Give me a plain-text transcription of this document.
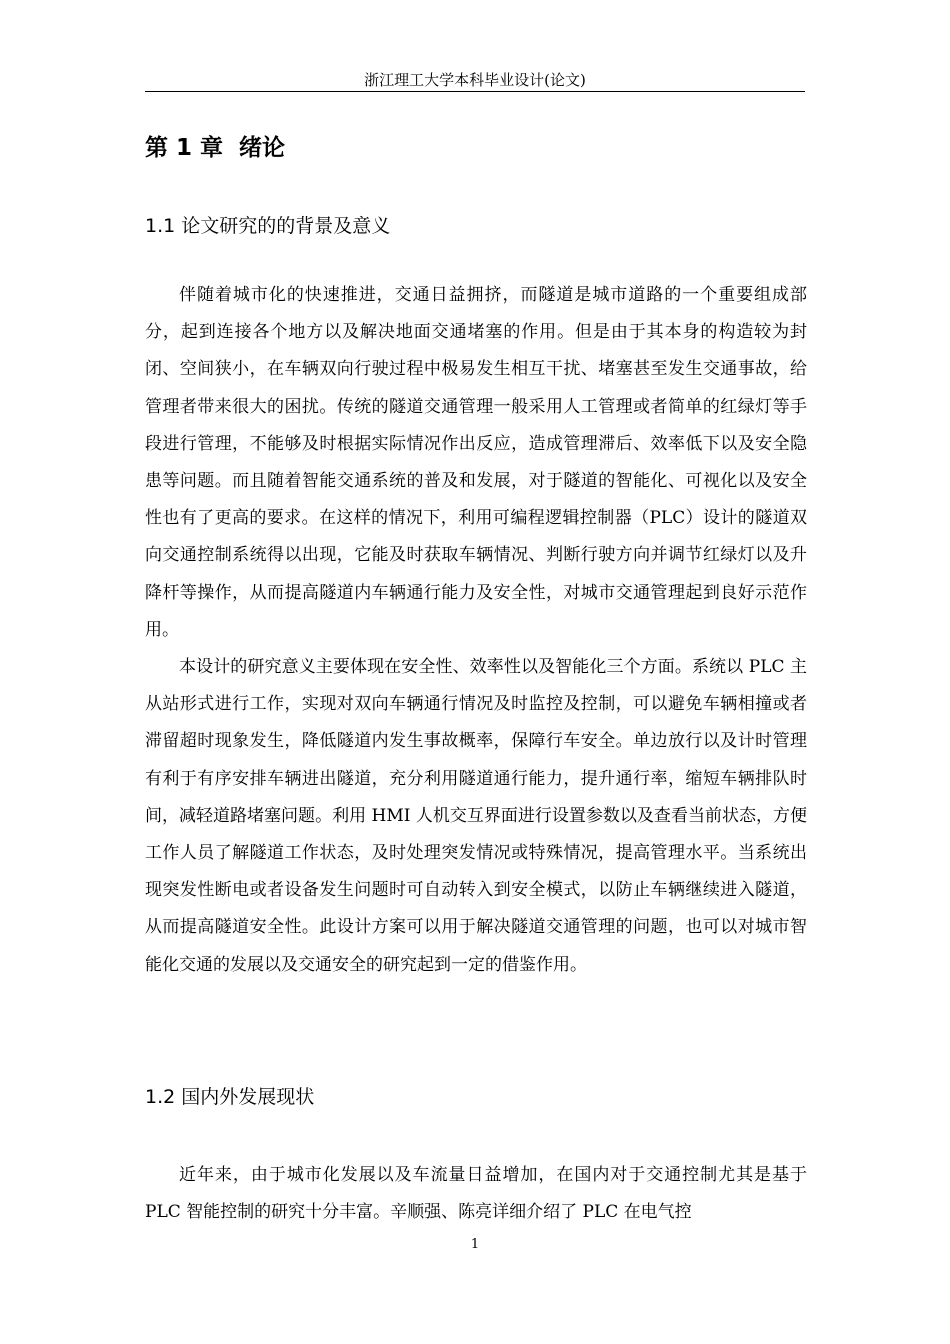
浙江理工大学本科毕业设计(论文)
第 1 章  绪论
1.1 论文研究的的背景及意义

伴随着城市化的快速推进，交通日益拥挤，而隧道是城市道路的一个重要组成部分，起到连接各个地方以及解决地面交通堵塞的作用。但是由于其本身的构造较为封闭、空间狭小，在车辆双向行驶过程中极易发生相互干扰、堵塞甚至发生交通事故，给管理者带来很大的困扰。传统的隧道交通管理一般采用人工管理或者简单的红绿灯等手段进行管理，不能够及时根据实际情况作出反应，造成管理滞后、效率低下以及安全隐患等问题。而且随着智能交通系统的普及和发展，对于隧道的智能化、可视化以及安全性也有了更高的要求。在这样的情况下，利用可编程逻辑控制器（PLC）设计的隧道双向交通控制系统得以出现，它能及时获取车辆情况、判断行驶方向并调节红绿灯以及升降杆等操作，从而提高隧道内车辆通行能力及安全性，对城市交通管理起到良好示范作用。

本设计的研究意义主要体现在安全性、效率性以及智能化三个方面。系统以 PLC 主从站形式进行工作，实现对双向车辆通行情况及时监控及控制，可以避免车辆相撞或者滞留超时现象发生，降低隧道内发生事故概率，保障行车安全。单边放行以及计时管理有利于有序安排车辆进出隧道，充分利用隧道通行能力，提升通行率，缩短车辆排队时间，减轻道路堵塞问题。利用 HMI 人机交互界面进行设置参数以及查看当前状态，方便工作人员了解隧道工作状态，及时处理突发情况或特殊情况，提高管理水平。当系统出现突发性断电或者设备发生问题时可自动转入到安全模式，以防止车辆继续进入隧道，从而提高隧道安全性。此设计方案可以用于解决隧道交通管理的问题，也可以对城市智能化交通的发展以及交通安全的研究起到一定的借鉴作用。

1.2 国内外发展现状

近年来，由于城市化发展以及车流量日益增加，在国内对于交通控制尤其是基于 PLC 智能控制的研究十分丰富。辛顺强、陈亮详细介绍了 PLC 在电气控

1
